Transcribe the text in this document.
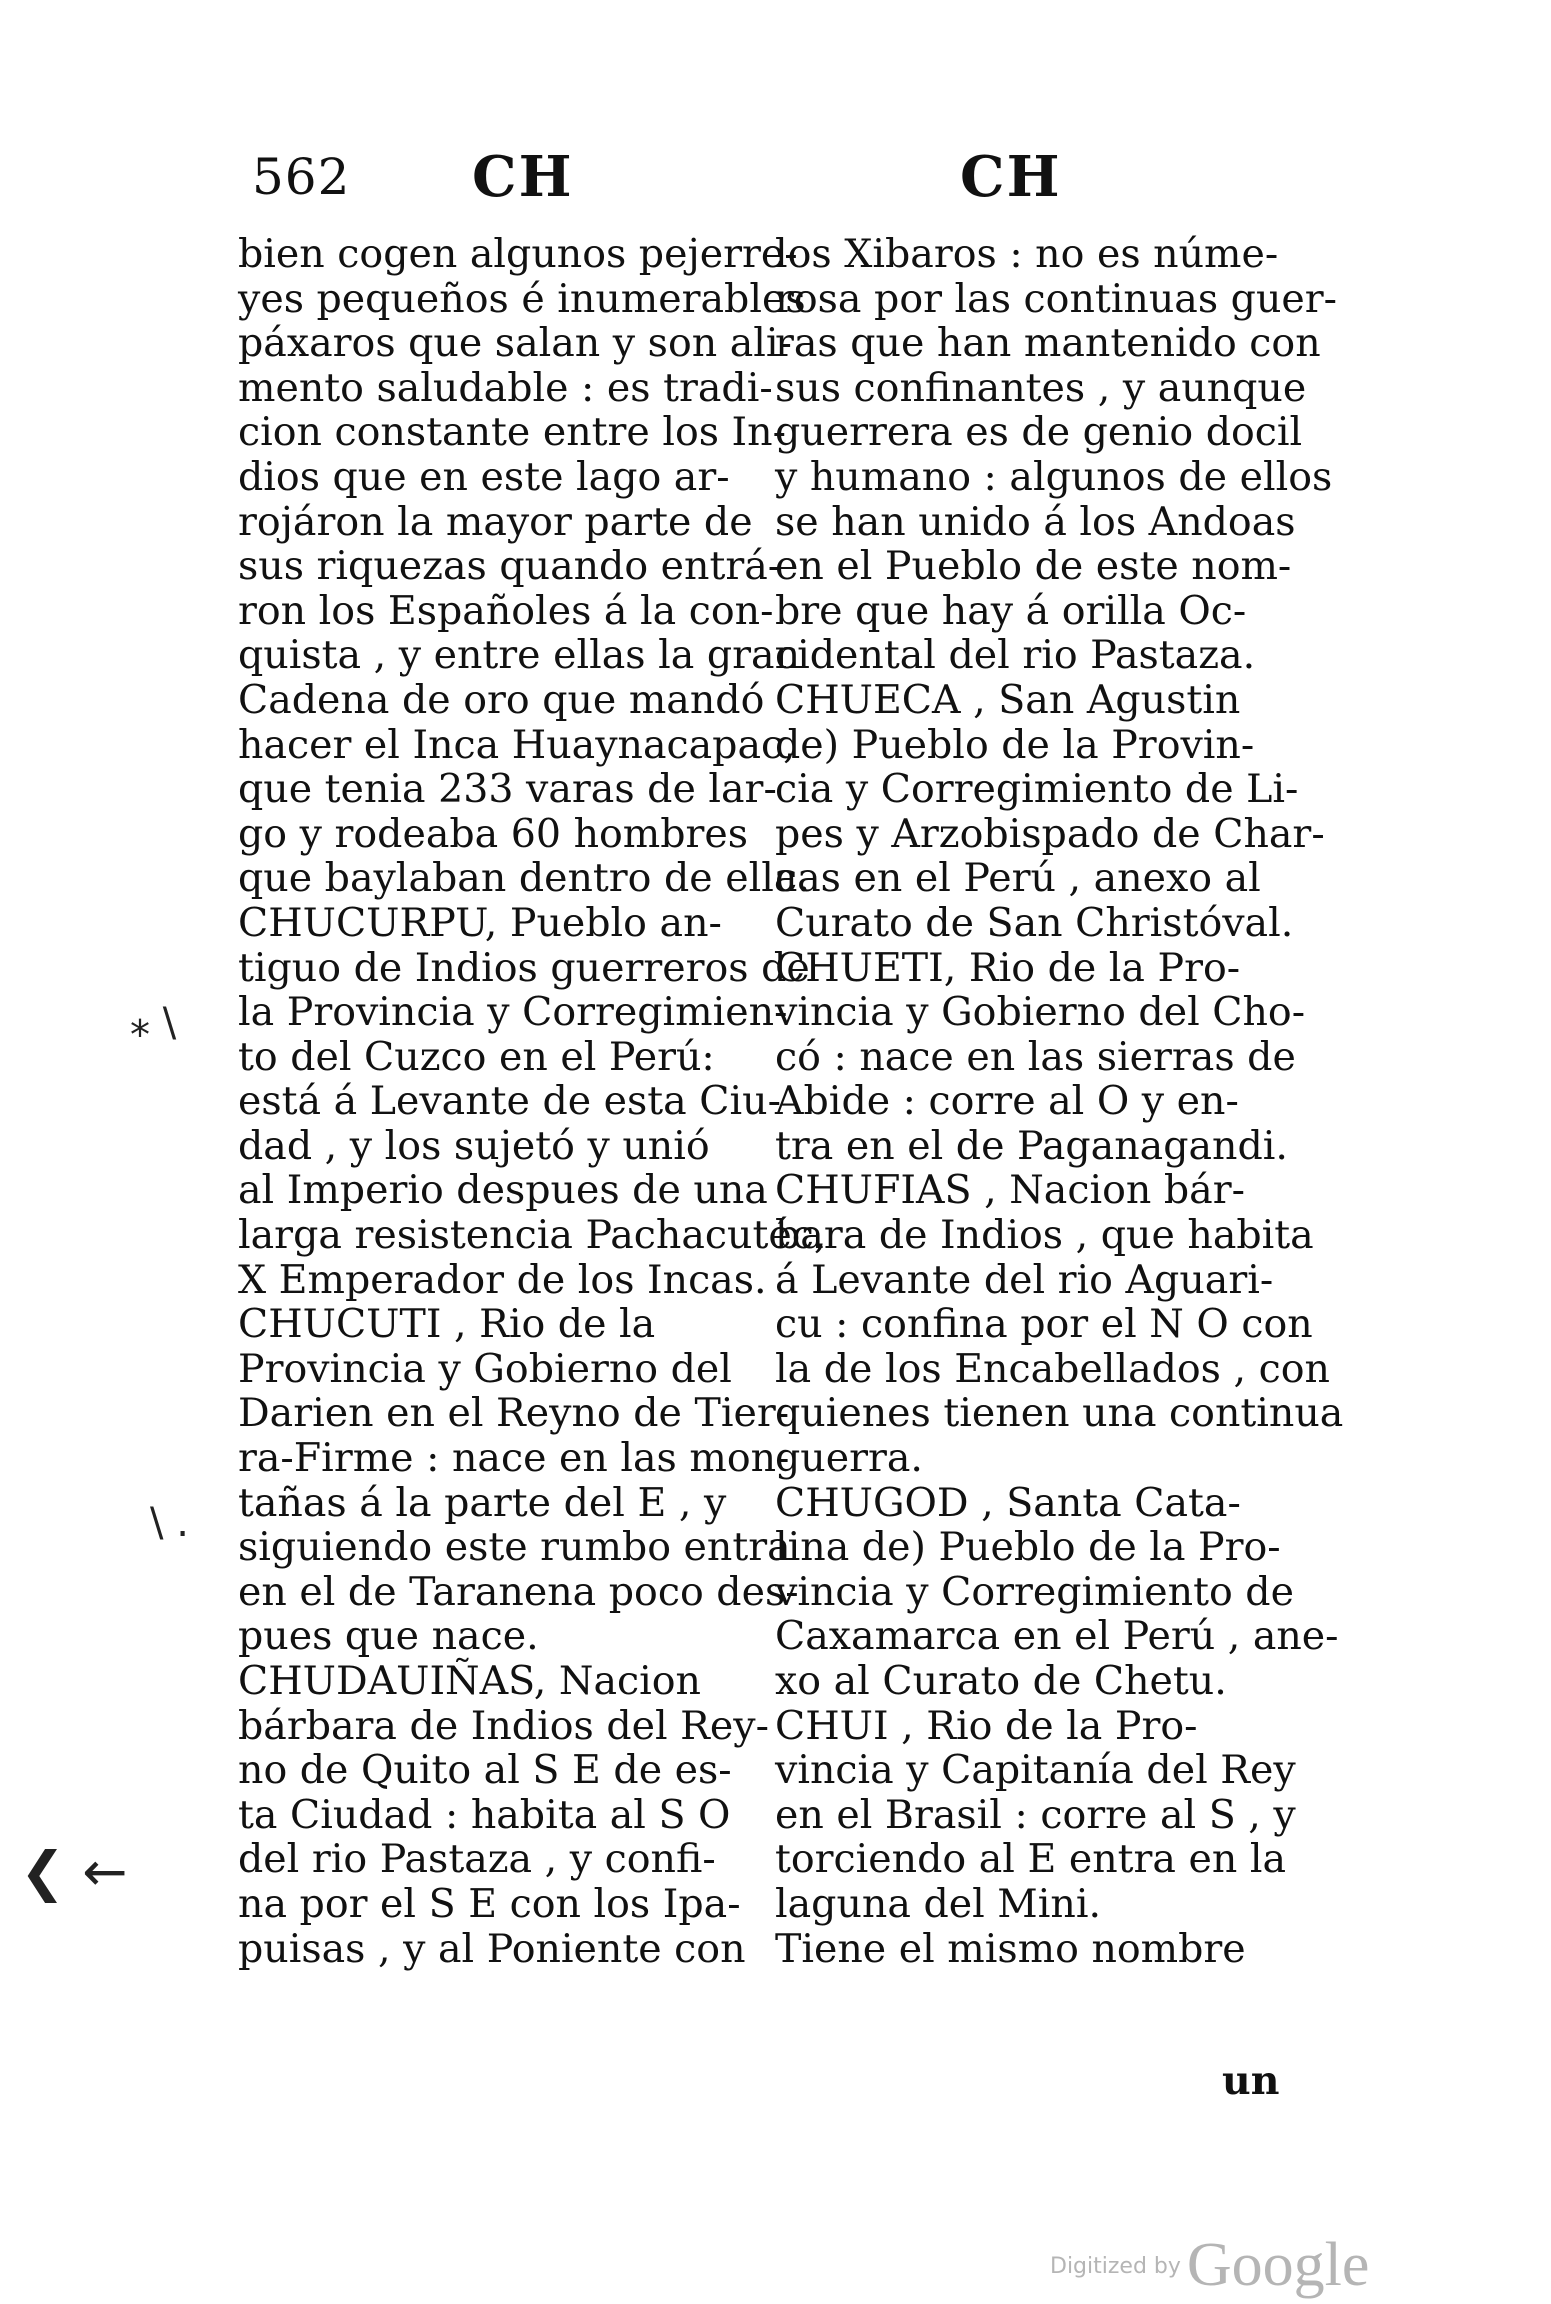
562 CH	CH
bien cogen algunos pejerre-
yes pequeños é inumerables
páxaros que salan y son ali-
mento saludable : es tradi-
cion constante entre los In-
dios que en este lago ar-
rojáron la mayor parte de
sus riquezas quando entrá-
ron los Españoles á la con-
quista , y entre ellas la gran
Cadena de oro que mandó
hacer el Inca Huaynacapac,
que tenia 233 varas de lar-
go y rodeaba 60 hombres
que baylaban dentro de ella.
CHUCURPU, Pueblo an-
tiguo de Indios guerreros de
la Provincia y Corregimien-
to del Cuzco en el Perú:
está á Levante de esta Ciu-
dad , y los sujetó y unió
al Imperio despues de una
larga resistencia Pachacutéc,
X Emperador de los Incas.
CHUCUTI , Rio de la
Provincia y Gobierno del
Darien en el Reyno de Tier-
ra-Firme : nace en las mon-
tañas á la parte del E , y
siguiendo este rumbo entra
en el de Taranena poco des-
pues que nace.
CHUDAUIÑAS, Nacion
bárbara de Indios del Rey-
no de Quito al S E de es-
ta Ciudad : habita al S O
del rio Pastaza , y confi-
na por el S E con los Ipa-
puisas , y al Poniente con
los Xibaros : no es núme-
rosa por las continuas guer-
ras que han mantenido con
sus confinantes , y aunque
guerrera es de genio docil
y humano : algunos de ellos
se han unido á los Andoas
en el Pueblo de este nom-
bre que hay á orilla Oc-
cidental del rio Pastaza.
CHUECA , San Agustin
de) Pueblo de la Provin-
cia y Corregimiento de Li-
pes y Arzobispado de Char-
cas en el Perú , anexo al
Curato de San Christóval.
CHUETI, Rio de la Pro-
vincia y Gobierno del Cho-
có : nace en las sierras de
Abide : corre al O y en-
tra en el de Paganagandi.
CHUFIAS , Nacion bár-
bara de Indios , que habita
á Levante del rio Aguari-
cu : confina por el N O con
la de los Encabellados , con
quienes tienen una continua
guerra.
CHUGOD , Santa Cata-
lina de) Pueblo de la Pro-
vincia y Corregimiento de
Caxamarca en el Perú , ane-
xo al Curato de Chetu.
CHUI , Rio de la Pro-
vincia y Capitanía del Rey
en el Brasil : corre al S , y
torciendo al E entra en la
laguna del Mini.
Tiene el mismo nombre
un
⁎ \
\ .
❮ ←
Digitized byGoogle
